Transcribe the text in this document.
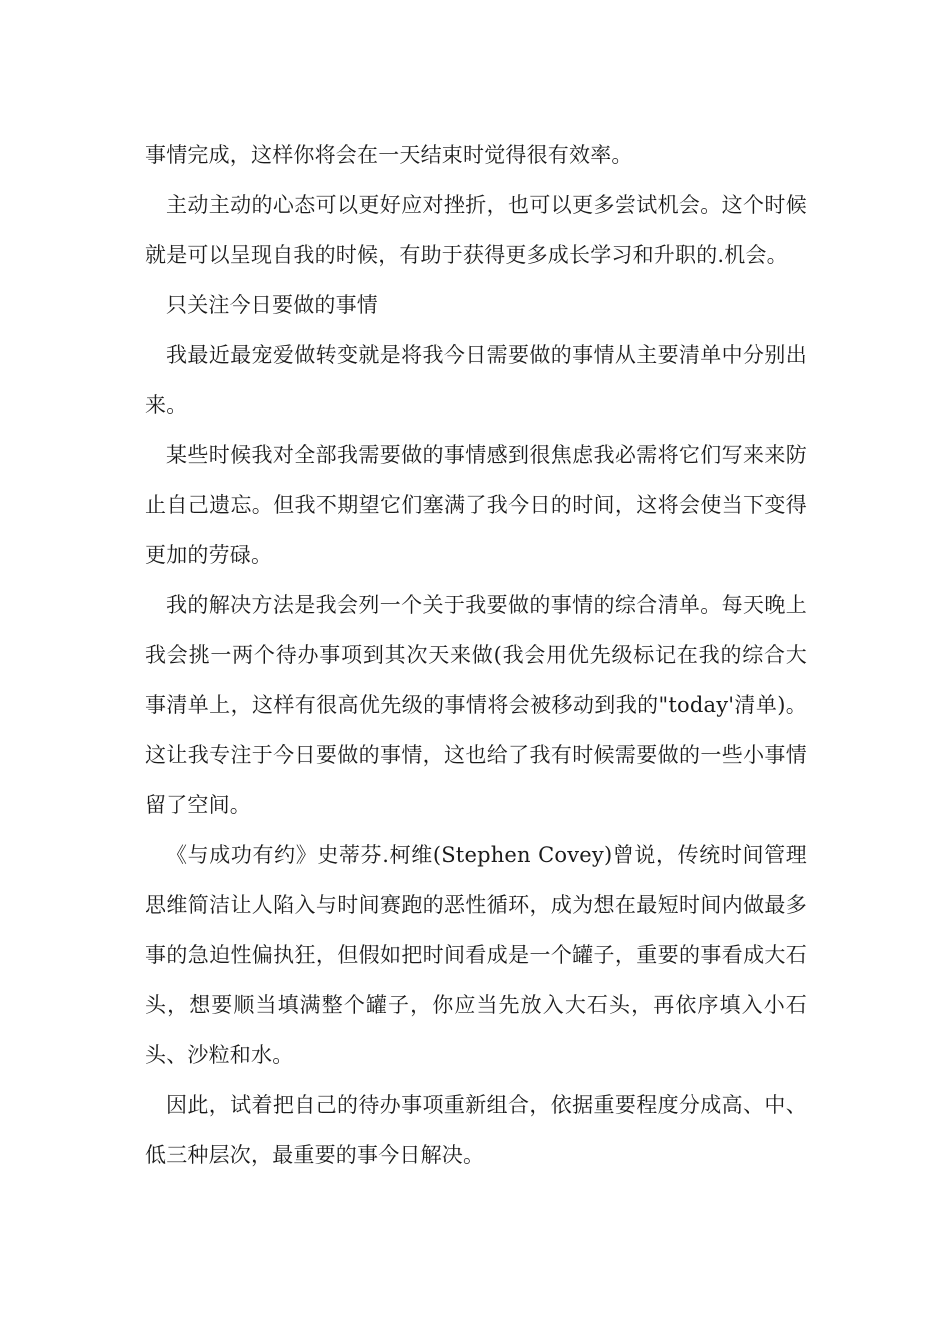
事情完成，这样你将会在一天结束时觉得很有效率。

主动主动的心态可以更好应对挫折，也可以更多尝试机会。这个时候就是可以呈现自我的时候，有助于获得更多成长学习和升职的.机会。

只关注今日要做的事情

我最近最宠爱做转变就是将我今日需要做的事情从主要清单中分别出来。

某些时候我对全部我需要做的事情感到很焦虑我必需将它们写来来防止自己遗忘。但我不期望它们塞满了我今日的时间，这将会使当下变得更加的劳碌。

我的解决方法是我会列一个关于我要做的事情的综合清单。每天晚上我会挑一两个待办事项到其次天来做(我会用优先级标记在我的综合大事清单上，这样有很高优先级的事情将会被移动到我的"today'清单)。这让我专注于今日要做的事情，这也给了我有时候需要做的一些小事情留了空间。

《与成功有约》史蒂芬.柯维(Stephen Covey)曾说，传统时间管理思维简洁让人陷入与时间赛跑的恶性循环，成为想在最短时间内做最多事的急迫性偏执狂，但假如把时间看成是一个罐子，重要的事看成大石头，想要顺当填满整个罐子，你应当先放入大石头，再依序填入小石头、沙粒和水。

因此，试着把自己的待办事项重新组合，依据重要程度分成高、中、低三种层次，最重要的事今日解决。
